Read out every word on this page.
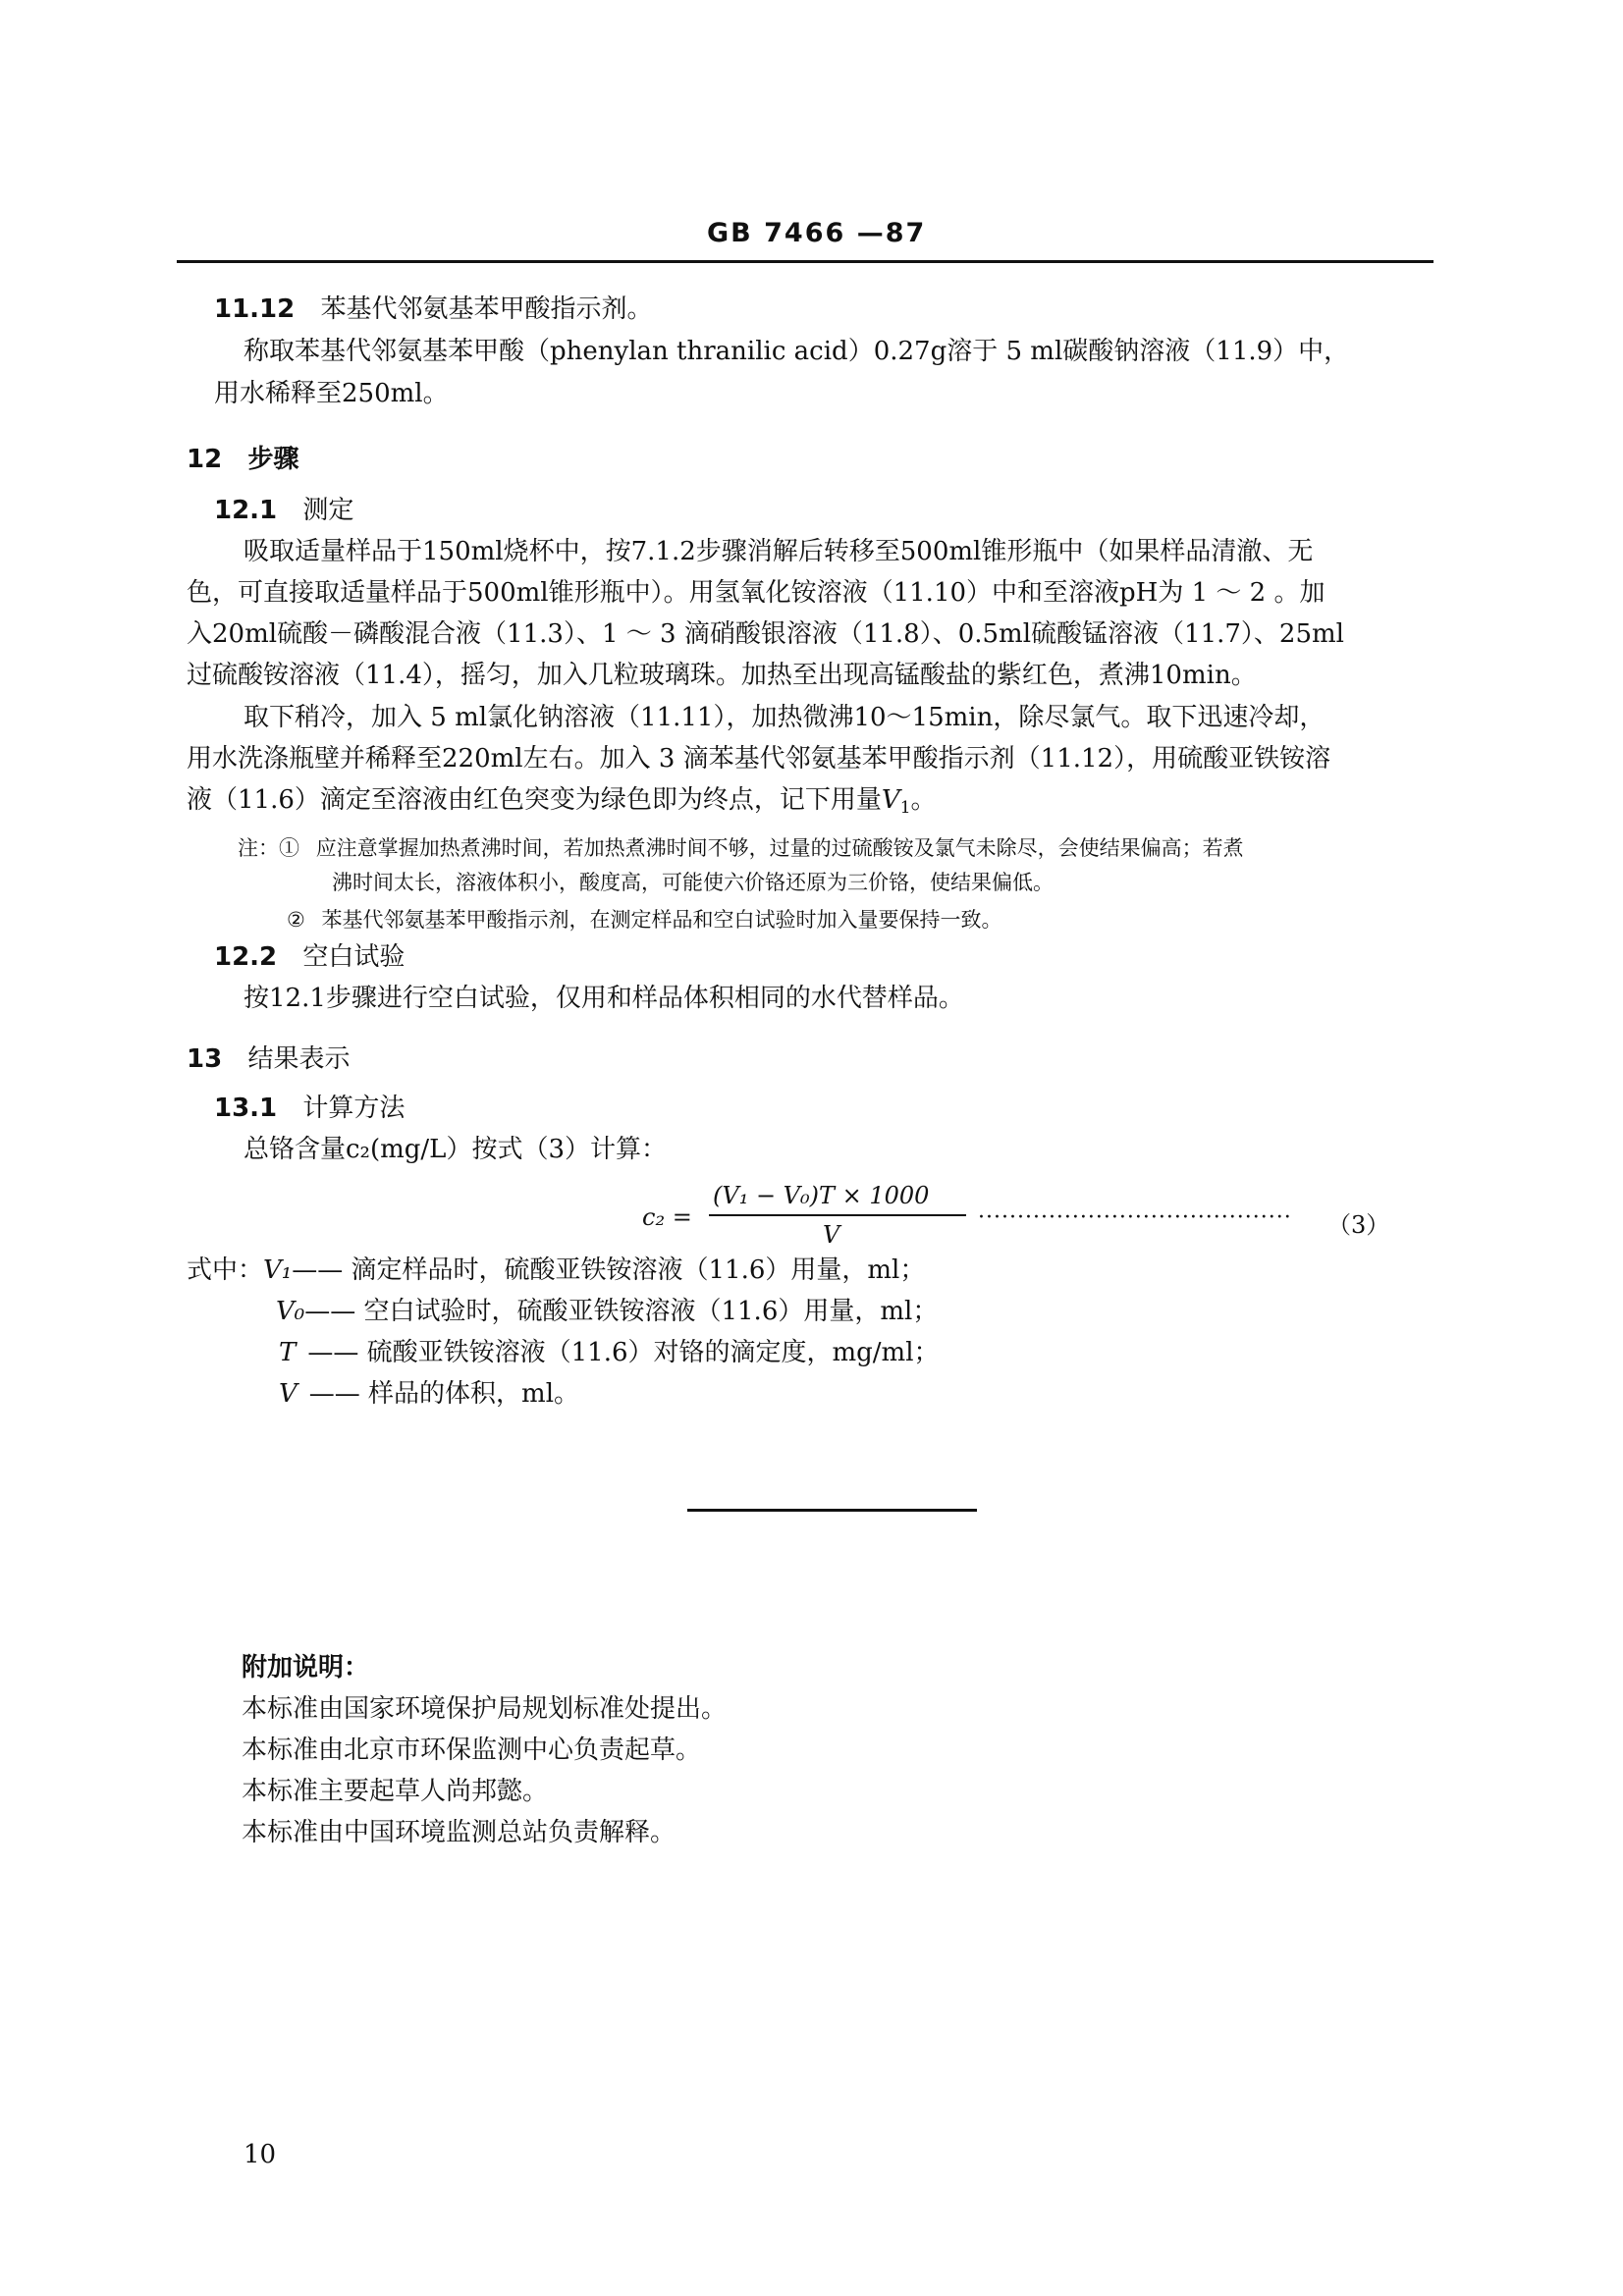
GB 7466 —87
11.12 苯基代邻氨基苯甲酸指示剂。
称取苯基代邻氨基苯甲酸（phenylan thranilic acid）0.27g溶于 5 ml碳酸钠溶液（11.9）中，
用水稀释至250ml。
12 步骤
12.1 测定
吸取适量样品于150ml烧杯中，按7.1.2步骤消解后转移至500ml锥形瓶中（如果样品清澈、无
色，可直接取适量样品于500ml锥形瓶中）。用氢氧化铵溶液（11.10）中和至溶液pH为 1 ～ 2 。加
入20ml硫酸－磷酸混合液（11.3）、1 ～ 3 滴硝酸银溶液（11.8）、0.5ml硫酸锰溶液（11.7）、25ml
过硫酸铵溶液（11.4），摇匀，加入几粒玻璃珠。加热至出现高锰酸盐的紫红色，煮沸10min。
取下稍冷，加入 5 ml氯化钠溶液（11.11），加热微沸10～15min，除尽氯气。取下迅速冷却，
用水洗涤瓶壁并稀释至220ml左右。加入 3 滴苯基代邻氨基苯甲酸指示剂（11.12），用硫酸亚铁铵溶
液（11.6）滴定至溶液由红色突变为绿色即为终点，记下用量$V_1$。
注：① 应注意掌握加热煮沸时间，若加热煮沸时间不够，过量的过硫酸铵及氯气未除尽，会使结果偏高；若煮
沸时间太长，溶液体积小，酸度高，可能使六价铬还原为三价铬，使结果偏低。
② 苯基代邻氨基苯甲酸指示剂，在测定样品和空白试验时加入量要保持一致。
12.2 空白试验
按12.1步骤进行空白试验，仅用和样品体积相同的水代替样品。
13 结果表示
13.1 计算方法
总铬含量c₂(mg/L）按式（3）计算：
c₂ =
(V₁ − V₀)T × 1000
V
········································ （3）
式中：V₁—— 滴定样品时，硫酸亚铁铵溶液（11.6）用量，ml；
V₀—— 空白试验时，硫酸亚铁铵溶液（11.6）用量，ml；
T —— 硫酸亚铁铵溶液（11.6）对铬的滴定度，mg/ml；
V —— 样品的体积，ml。
附加说明：
本标准由国家环境保护局规划标准处提出。
本标准由北京市环保监测中心负责起草。
本标准主要起草人尚邦懿。
本标准由中国环境监测总站负责解释。
10
